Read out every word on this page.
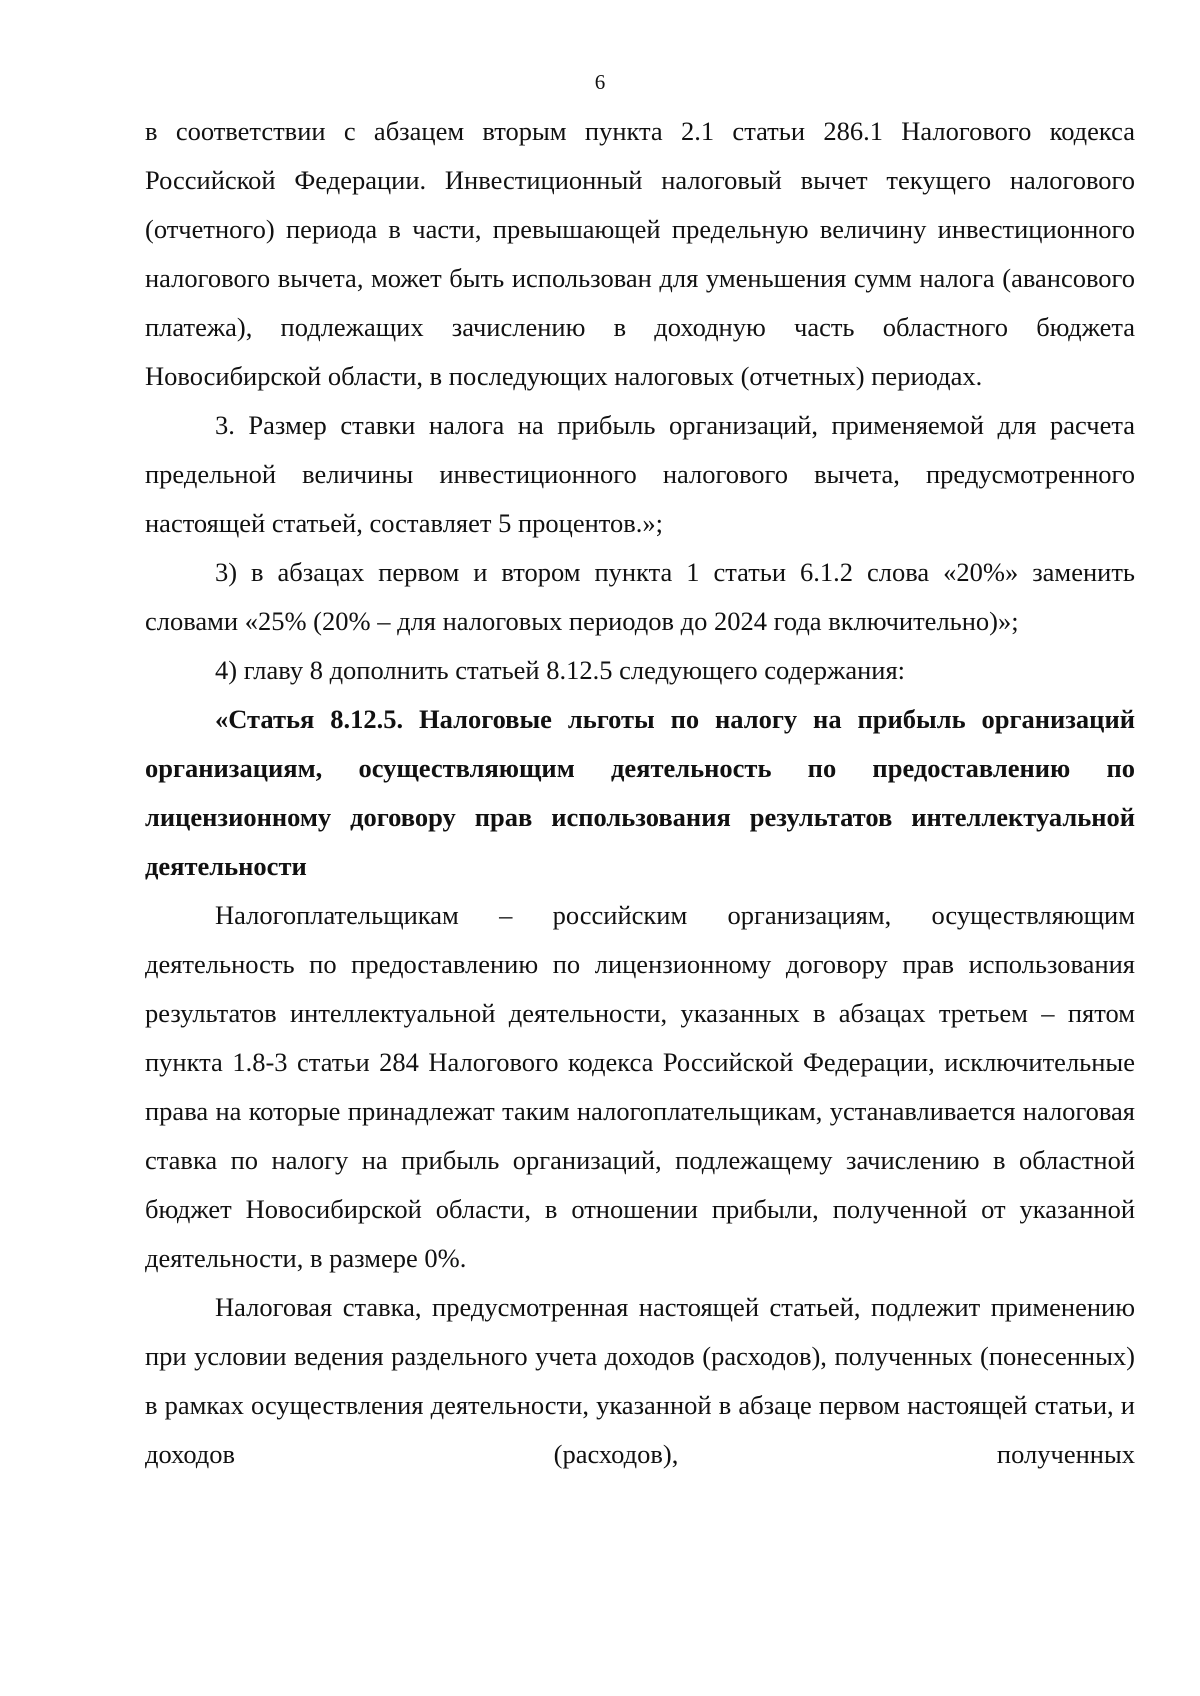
6

в соответствии с абзацем вторым пункта 2.1 статьи 286.1 Налогового кодекса Российской Федерации. Инвестиционный налоговый вычет текущего налогового (отчетного) периода в части, превышающей предельную величину инвестиционного налогового вычета, может быть использован для уменьшения сумм налога (авансового платежа), подлежащих зачислению в доходную часть областного бюджета Новосибирской области, в последующих налоговых (отчетных) периодах.

3. Размер ставки налога на прибыль организаций, применяемой для расчета предельной величины инвестиционного налогового вычета, предусмотренного настоящей статьей, составляет 5 процентов.»;

3) в абзацах первом и втором пункта 1 статьи 6.1.2 слова «20%» заменить словами «25% (20% – для налоговых периодов до 2024 года включительно)»;

4) главу 8 дополнить статьей 8.12.5 следующего содержания:

«Статья 8.12.5. Налоговые льготы по налогу на прибыль организаций организациям, осуществляющим деятельность по предоставлению по лицензионному договору прав использования результатов интеллектуальной деятельности

Налогоплательщикам – российским организациям, осуществляющим деятельность по предоставлению по лицензионному договору прав использования результатов интеллектуальной деятельности, указанных в абзацах третьем – пятом пункта 1.8-3 статьи 284 Налогового кодекса Российской Федерации, исключительные права на которые принадлежат таким налогоплательщикам, устанавливается налоговая ставка по налогу на прибыль организаций, подлежащему зачислению в областной бюджет Новосибирской области, в отношении прибыли, полученной от указанной деятельности, в размере 0%.

Налоговая ставка, предусмотренная настоящей статьей, подлежит применению при условии ведения раздельного учета доходов (расходов), полученных (понесенных) в рамках осуществления деятельности, указанной в абзаце первом настоящей статьи, и доходов (расходов), полученных
